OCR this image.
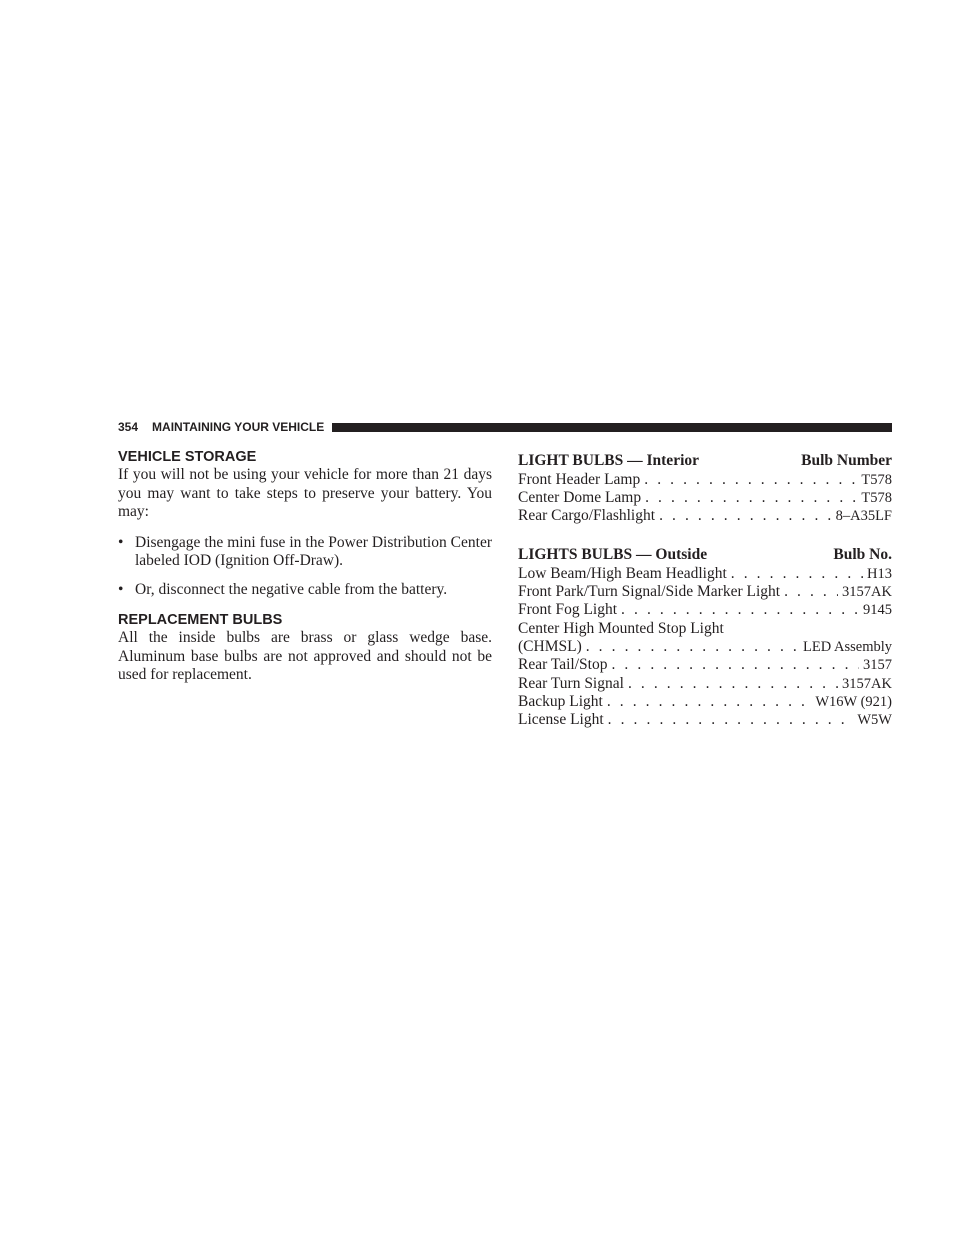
354 MAINTAINING YOUR VEHICLE
VEHICLE STORAGE

If you will not be using your vehicle for more than 21 days you may want to take steps to preserve your battery. You may:

• Disengage the mini fuse in the Power Distribution Center labeled IOD (Ignition Off-Draw).
• Or, disconnect the negative cable from the battery.
REPLACEMENT BULBS

All the inside bulbs are brass or glass wedge base. Aluminum base bulbs are not approved and should not be used for replacement.

LIGHT BULBS — Interior	Bulb Number
Front Header Lamp . . .	T578
Center Dome Lamp . . .	T578
Rear Cargo/Flashlight . . .	8–A35LF
LIGHTS BULBS — Outside	Bulb No.
Low Beam/High Beam Headlight . . .	H13
Front Park/Turn Signal/Side Marker Light . . .	3157AK
Front Fog Light . . .	9145
Center High Mounted Stop Light
(CHMSL) . . .	LED Assembly
Rear Tail/Stop . . .	3157
Rear Turn Signal . . .	3157AK
Backup Light . . .	W16W (921)
License Light . . .	W5W
